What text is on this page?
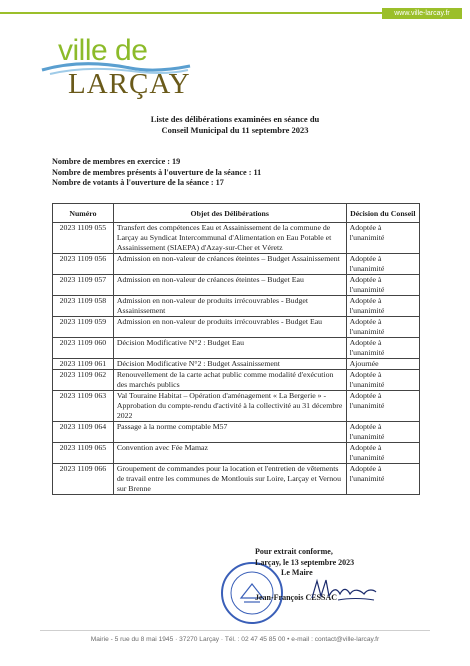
www.ville-larcay.fr
ville de
LARÇAY
Liste des délibérations examinées en séance du
Conseil Municipal du 11 septembre 2023
Nombre de membres en exercice : 19
Nombre de membres présents à l'ouverture de la séance : 11
Nombre de votants à l'ouverture de la séance : 17
Numéro	Objet des Délibérations	Décision du Conseil
2023 1109 055	Transfert des compétences Eau et Assainissement de la commune de Larçay au Syndicat Intercommunal d'Alimentation en Eau Potable et Assainissement (SIAEPA) d'Azay-sur-Cher et Véretz	Adoptée à l'unanimité
2023 1109 056	Admission en non-valeur de créances éteintes – Budget Assainissement	Adoptée à l'unanimité
2023 1109 057	Admission en non-valeur de créances éteintes – Budget Eau	Adoptée à l'unanimité
2023 1109 058	Admission en non-valeur de produits irrécouvrables - Budget Assainissement	Adoptée à l'unanimité
2023 1109 059	Admission en non-valeur de produits irrécouvrables - Budget Eau	Adoptée à l'unanimité
2023 1109 060	Décision Modificative N°2 : Budget Eau	Adoptée à l'unanimité
2023 1109 061	Décision Modificative N°2 : Budget Assainissement	Ajournée
2023 1109 062	Renouvellement de la carte achat public comme modalité d'exécution des marchés publics	Adoptée à l'unanimité
2023 1109 063	Val Touraine Habitat – Opération d'aménagement « La Bergerie » - Approbation du compte-rendu d'activité à la collectivité au 31 décembre 2022	Adoptée à l'unanimité
2023 1109 064	Passage à la norme comptable M57	Adoptée à l'unanimité
2023 1109 065	Convention avec Fée Mamaz	Adoptée à l'unanimité
2023 1109 066	Groupement de commandes pour la location et l'entretien de vêtements de travail entre les communes de Montlouis sur Loire, Larçay et Vernou sur Brenne	Adoptée à l'unanimité
Pour extrait conforme,
Larçay, le 13 septembre 2023
Le Maire
Jean-François CESSAC
Mairie - 5 rue du 8 mai 1945 · 37270 Larçay · Tél. : 02 47 45 85 00 • e-mail : contact@ville-larcay.fr
